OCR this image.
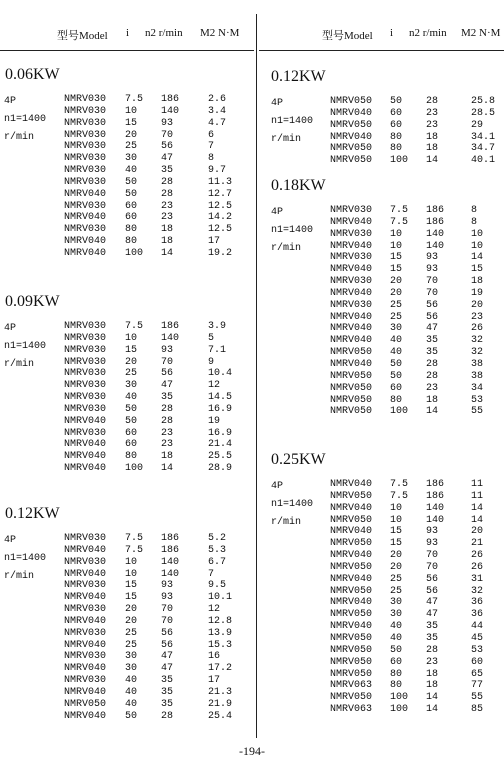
型号Model i n2 r/min M2 N·M
0.06KW
4P
n1=1400
r/min
NMRV030 7.5 186	2.6
NMRV030 10 140	3.4
NMRV030 15 93	4.7
NMRV030 20 70	6
NMRV030 25 56	7
NMRV030 30 47	8
NMRV030 40 35	9.7
NMRV030 50 28	11.3
NMRV040 50 28	12.7
NMRV030 60 23	12.5
NMRV040 60 23	14.2
NMRV030 80 18	12.5
NMRV040 80 18	17
NMRV040 100 14	19.2
0.09KW
4P
n1=1400
r/min
NMRV030 7.5 186	3.9
NMRV030 10 140	5
NMRV030 15 93	7.1
NMRV030 20 70	9
NMRV030 25 56	10.4
NMRV030 30 47	12
NMRV030 40 35	14.5
NMRV030 50 28	16.9
NMRV040 50 28	19
NMRV030 60 23	16.9
NMRV040 60 23	21.4
NMRV040 80 18	25.5
NMRV040 100 14	28.9
0.12KW
4P
n1=1400
r/min
NMRV030 7.5 186	5.2
NMRV040 7.5 186	5.3
NMRV030 10 140	6.7
NMRV040 10 140	7
NMRV030 15 93	9.5
NMRV040 15 93	10.1
NMRV030 20 70	12
NMRV040 20 70	12.8
NMRV030 25 56	13.9
NMRV040 25 56	15.3
NMRV030 30 47	16
NMRV040 30 47	17.2
NMRV030 40 35	17
NMRV040 40 35	21.3
NMRV050 40 35	21.9
NMRV040 50 28	25.4
型号Model i n2 r/min M2 N·M
0.12KW
4P
n1=1400
r/min
NMRV050 50 28	25.8
NMRV040 60 23	28.5
NMRV050 60 23	29
NMRV040 80 18	34.1
NMRV050 80 18	34.7
NMRV050 100 14	40.1
0.18KW
4P
n1=1400
r/min
NMRV030 7.5 186	8
NMRV040 7.5 186	8
NMRV030 10 140	10
NMRV040 10 140	10
NMRV030 15 93	14
NMRV040 15 93	15
NMRV030 20 70	18
NMRV040 20 70	19
NMRV030 25 56	20
NMRV040 25 56	23
NMRV040 30 47	26
NMRV040 40 35	32
NMRV050 40 35	32
NMRV040 50 28	38
NMRV050 50 28	38
NMRV050 60 23	34
NMRV050 80 18	53
NMRV050 100 14	55
0.25KW
4P
n1=1400
r/min
NMRV040 7.5 186	11
NMRV050 7.5 186	11
NMRV040 10 140	14
NMRV050 10 140	14
NMRV040 15 93	20
NMRV050 15 93	21
NMRV040 20 70	26
NMRV050 20 70	26
NMRV040 25 56	31
NMRV050 25 56	32
NMRV040 30 47	36
NMRV050 30 47	36
NMRV040 40 35	44
NMRV050 40 35	45
NMRV050 50 28	53
NMRV050 60 23	60
NMRV050 80 18	65
NMRV063 80 18	77
NMRV050 100 14	55
NMRV063 100 14	85
-194-
